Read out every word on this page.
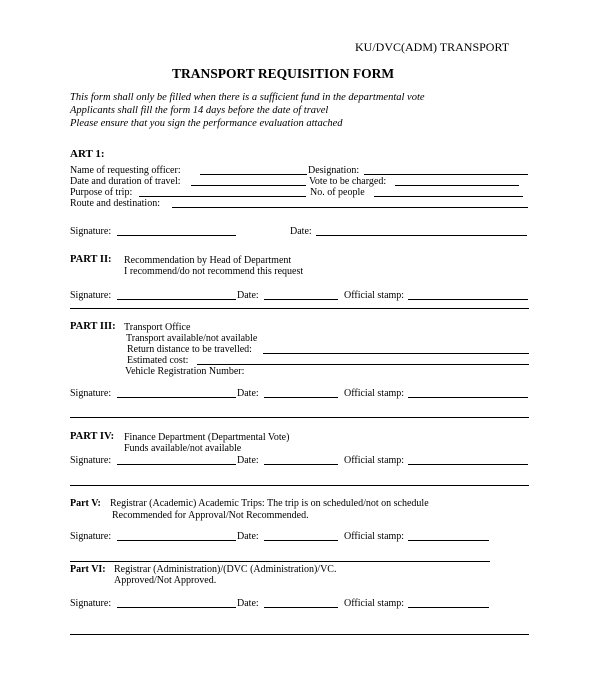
KU/DVC(ADM) TRANSPORT
TRANSPORT REQUISITION FORM
This form shall only be filled when there is a sufficient fund in the departmental vote
Applicants shall fill the form 14 days before the date of travel
Please ensure that you sign the performance evaluation attached
ART 1:
Name of requesting officer:	Designation:
Date and duration of travel:	Vote to be charged:
Purpose of trip:	No. of people
Route and destination:
Signature:	Date:
PART II: Recommendation by Head of Department
I recommend/do not recommend this request
Signature:	Date:	Official stamp:
PART III: Transport Office
Transport available/not available
Return distance to be travelled:
Estimated cost:
Vehicle Registration Number:
Signature:	Date:	Official stamp:
PART IV: Finance Department (Departmental Vote)
Funds available/not available
Signature:	Date:	Official stamp:
Part V: Registrar (Academic) Academic Trips: The trip is on scheduled/not on schedule
Recommended for Approval/Not Recommended.
Signature:	Date:	Official stamp:
Part VI: Registrar (Administration)/(DVC (Administration)/VC.
Approved/Not Approved.
Signature:	Date:	Official stamp:
